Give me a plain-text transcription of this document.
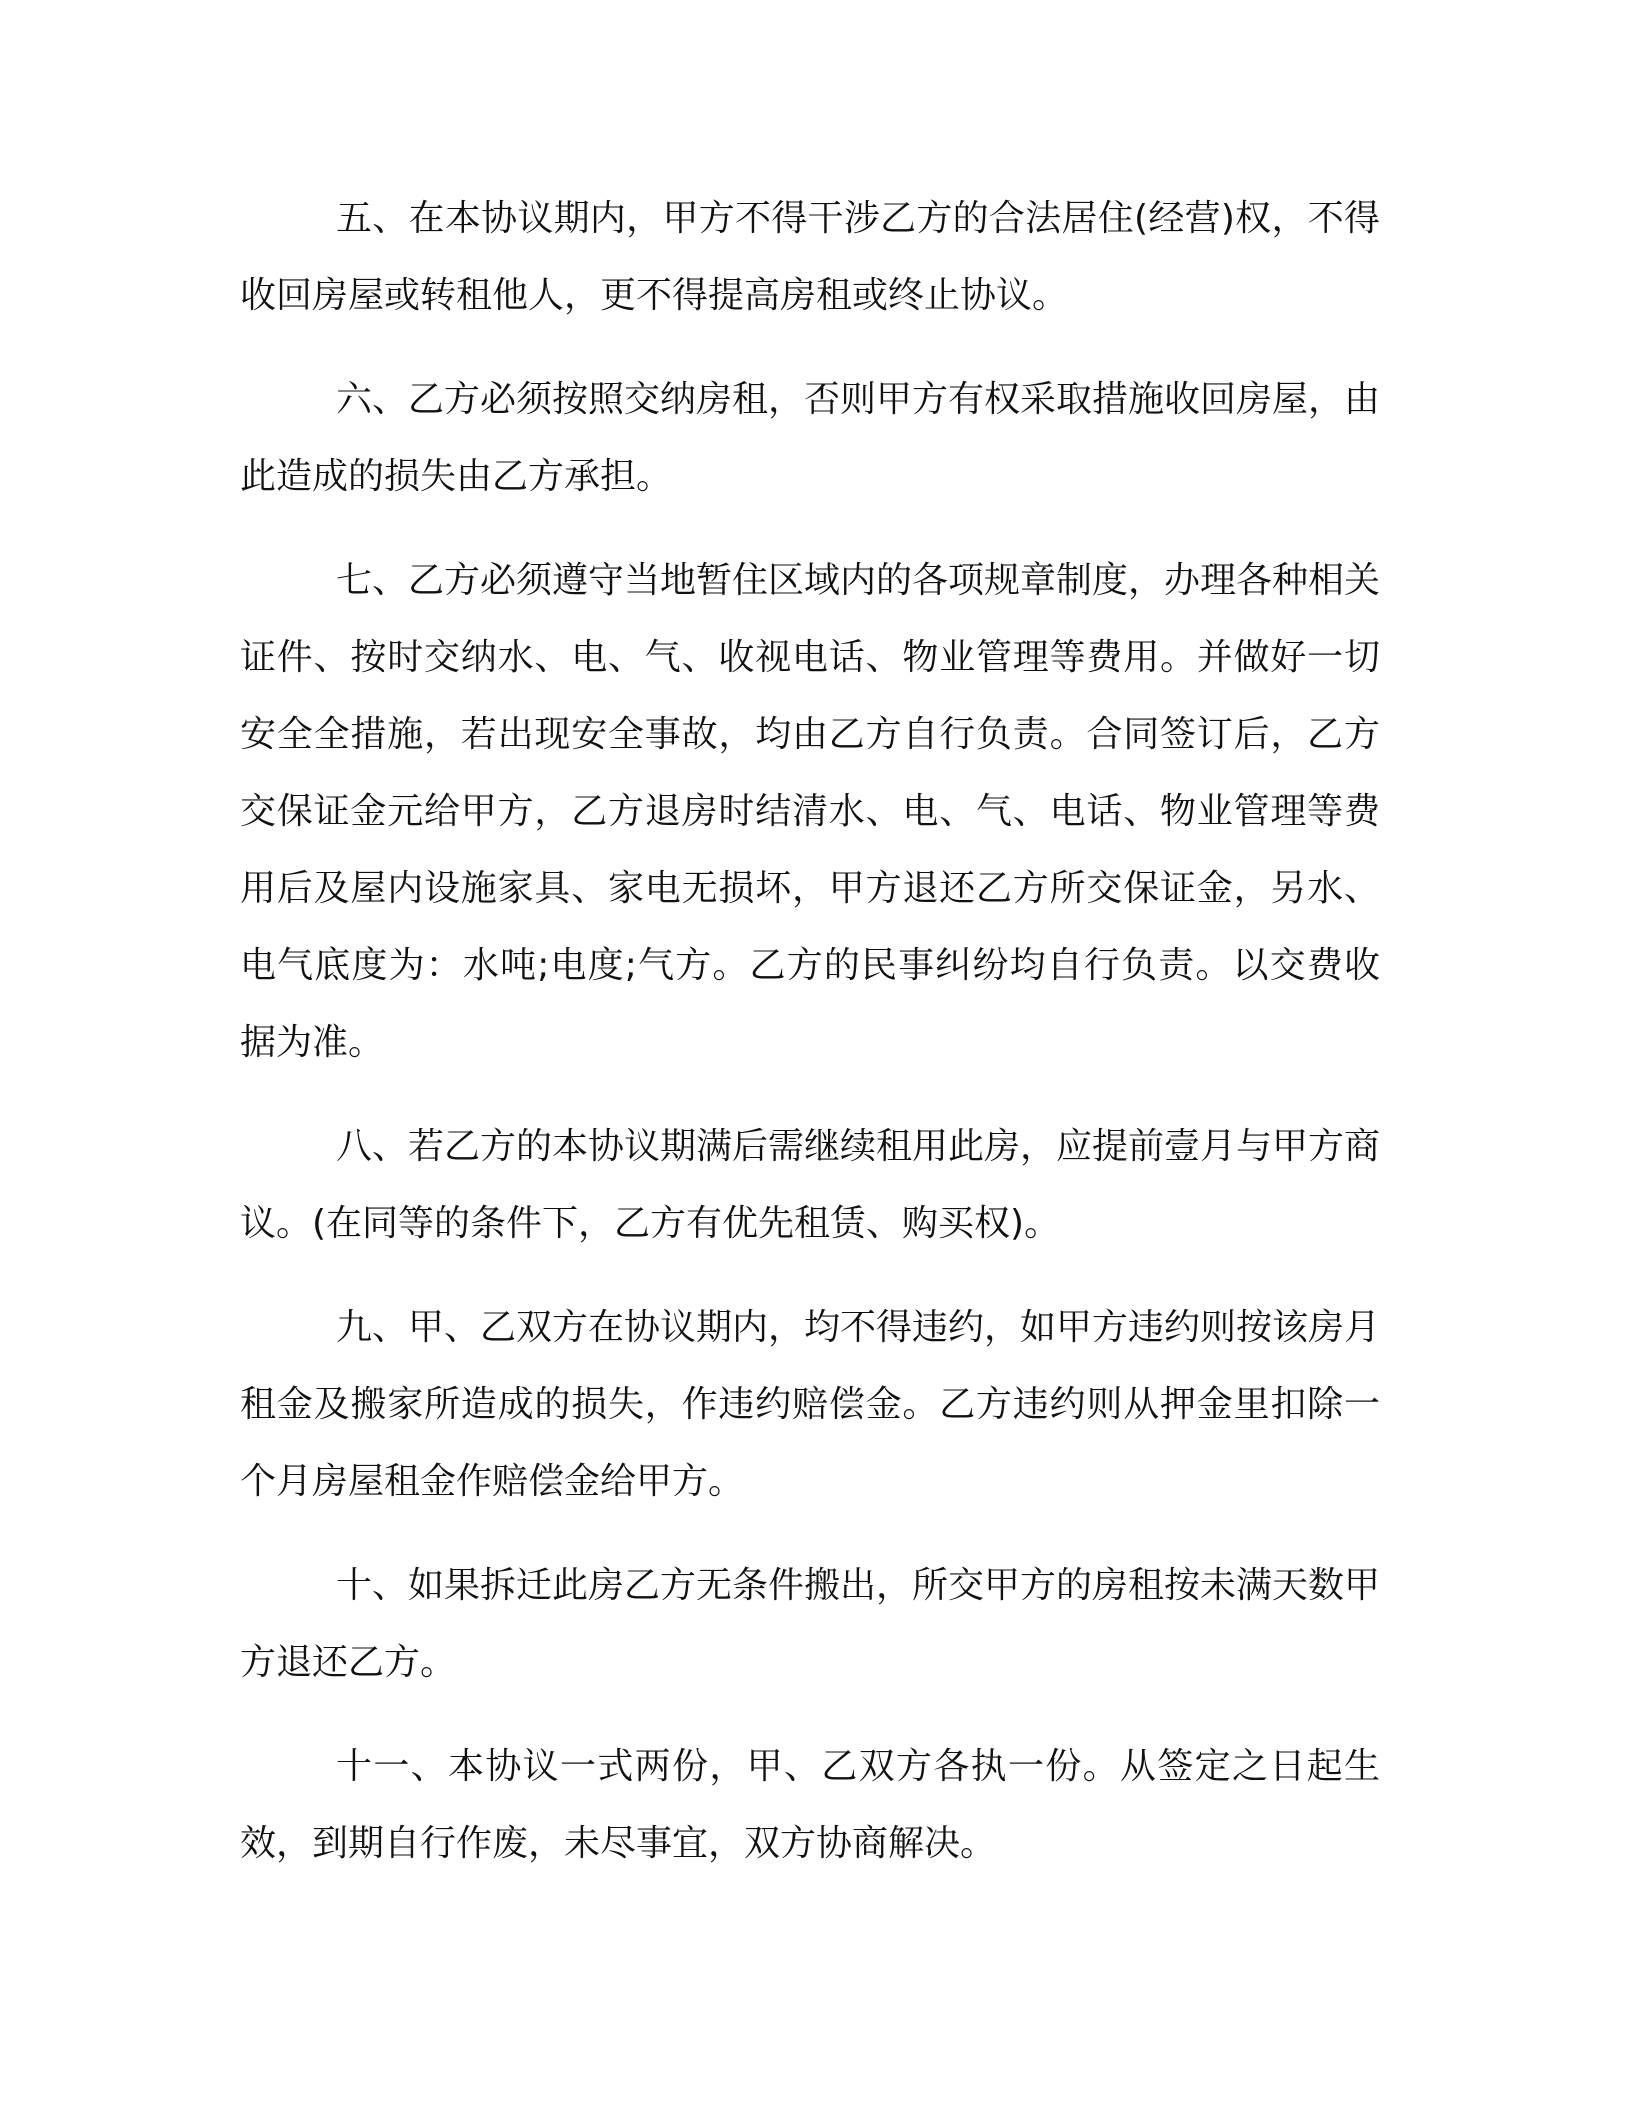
五、在本协议期内，甲方不得干涉乙方的合法居住(经营)权，不得收回房屋或转租他人，更不得提高房租或终止协议。

六、乙方必须按照交纳房租，否则甲方有权采取措施收回房屋，由此造成的损失由乙方承担。

七、乙方必须遵守当地暂住区域内的各项规章制度，办理各种相关证件、按时交纳水、电、气、收视电话、物业管理等费用。并做好一切安全全措施，若出现安全事故，均由乙方自行负责。合同签订后，乙方交保证金元给甲方，乙方退房时结清水、电、气、电话、物业管理等费用后及屋内设施家具、家电无损坏，甲方退还乙方所交保证金，另水、电气底度为：水吨;电度;气方。乙方的民事纠纷均自行负责。以交费收据为准。

八、若乙方的本协议期满后需继续租用此房，应提前壹月与甲方商议。(在同等的条件下，乙方有优先租赁、购买权)。

九、甲、乙双方在协议期内，均不得违约，如甲方违约则按该房月租金及搬家所造成的损失，作违约赔偿金。乙方违约则从押金里扣除一个月房屋租金作赔偿金给甲方。

十、如果拆迁此房乙方无条件搬出，所交甲方的房租按未满天数甲方退还乙方。

十一、本协议一式两份，甲、乙双方各执一份。从签定之日起生效，到期自行作废，未尽事宜，双方协商解决。
